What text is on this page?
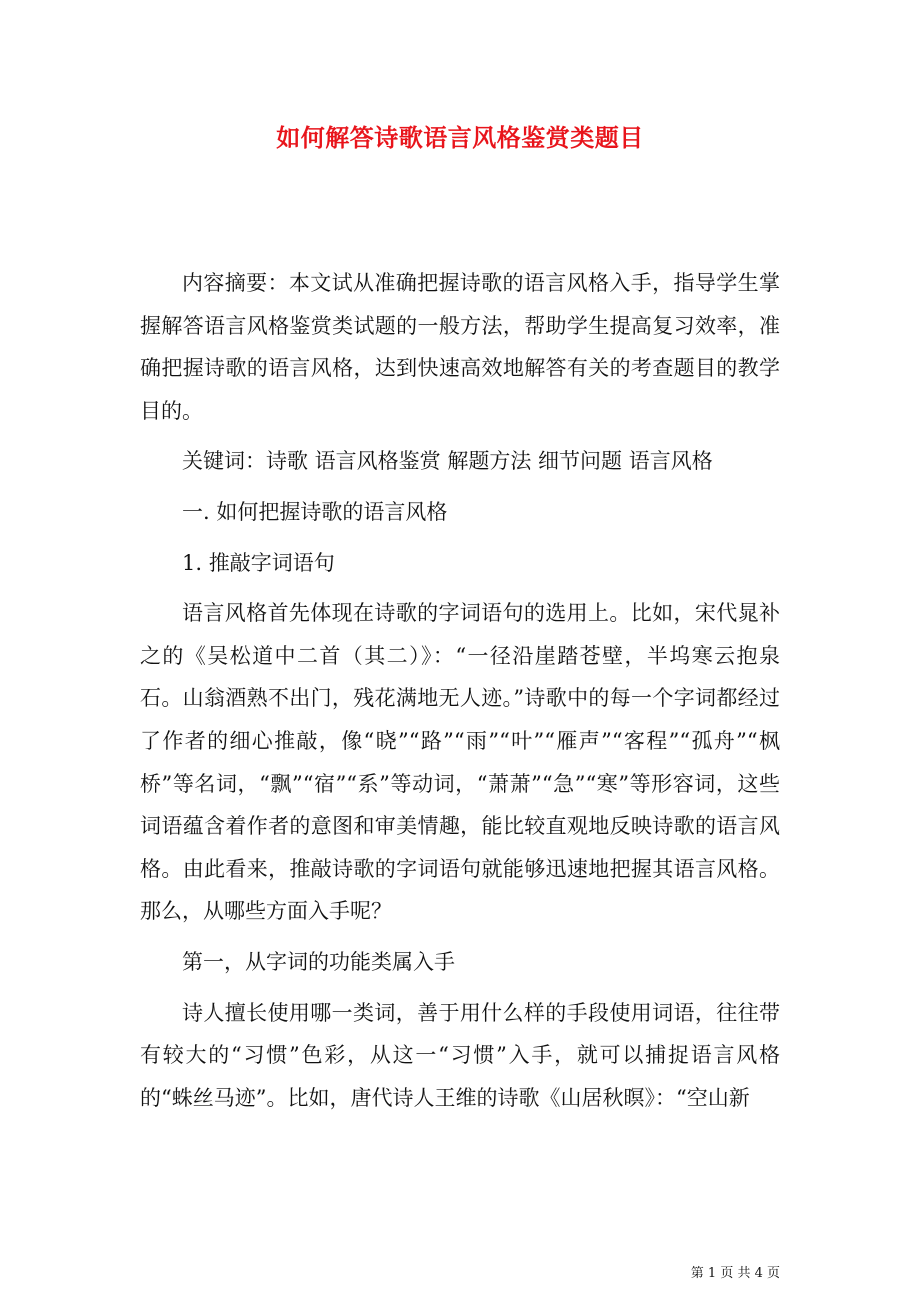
如何解答诗歌语言风格鉴赏类题目

内容摘要：本文试从准确把握诗歌的语言风格入手，指导学生掌握解答语言风格鉴赏类试题的一般方法，帮助学生提高复习效率，准确把握诗歌的语言风格，达到快速高效地解答有关的考查题目的教学目的。

关键词：诗歌 语言风格鉴赏 解题方法 细节问题 语言风格

一. 如何把握诗歌的语言风格

1. 推敲字词语句

语言风格首先体现在诗歌的字词语句的选用上。比如，宋代晁补之的《吴松道中二首（其二）》：“一径沿崖踏苍壁，半坞寒云抱泉石。山翁酒熟不出门，残花满地无人迹。”诗歌中的每一个字词都经过了作者的细心推敲，像“晓”“路”“雨”“叶”“雁声”“客程”“孤舟”“枫桥”等名词，“飘”“宿”“系”等动词，“萧萧”“急”“寒”等形容词，这些词语蕴含着作者的意图和审美情趣，能比较直观地反映诗歌的语言风格。由此看来，推敲诗歌的字词语句就能够迅速地把握其语言风格。那么，从哪些方面入手呢？

第一，从字词的功能类属入手

诗人擅长使用哪一类词，善于用什么样的手段使用词语，往往带有较大的“习惯”色彩，从这一“习惯”入手，就可以捕捉语言风格的“蛛丝马迹”。比如，唐代诗人王维的诗歌《山居秋暝》：“空山新

第 1 页 共 4 页
